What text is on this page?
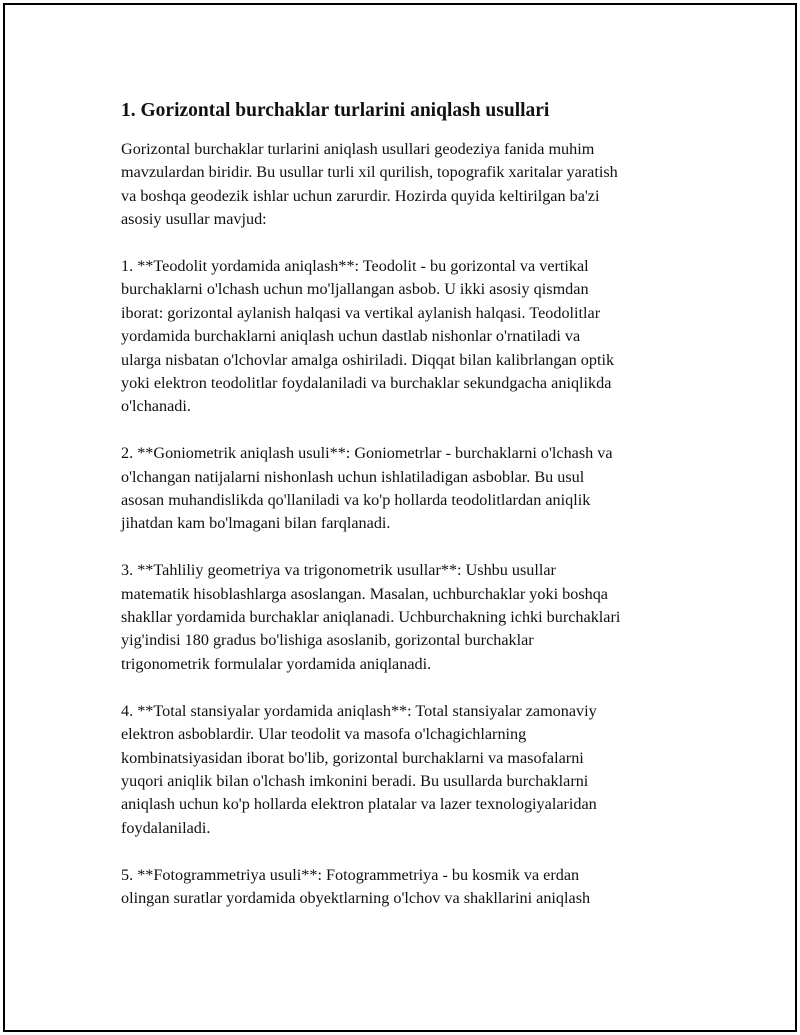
1. Gorizontal burchaklar turlarini aniqlash usullari
Gorizontal burchaklar turlarini aniqlash usullari geodeziya fanida muhim
mavzulardan biridir. Bu usullar turli xil qurilish, topografik xaritalar yaratish
va boshqa geodezik ishlar uchun zarurdir. Hozirda quyida keltirilgan ba'zi
asosiy usullar mavjud:
1. **Teodolit yordamida aniqlash**: Teodolit - bu gorizontal va vertikal
burchaklarni o'lchash uchun mo'ljallangan asbob. U ikki asosiy qismdan
iborat: gorizontal aylanish halqasi va vertikal aylanish halqasi. Teodolitlar
yordamida burchaklarni aniqlash uchun dastlab nishonlar o'rnatiladi va
ularga nisbatan o'lchovlar amalga oshiriladi. Diqqat bilan kalibrlangan optik
yoki elektron teodolitlar foydalaniladi va burchaklar sekundgacha aniqlikda
o'lchanadi.
2. **Goniometrik aniqlash usuli**: Goniometrlar - burchaklarni o'lchash va
o'lchangan natijalarni nishonlash uchun ishlatiladigan asboblar. Bu usul
asosan muhandislikda qo'llaniladi va ko'p hollarda teodolitlardan aniqlik
jihatdan kam bo'lmagani bilan farqlanadi.
3. **Tahliliy geometriya va trigonometrik usullar**: Ushbu usullar
matematik hisoblashlarga asoslangan. Masalan, uchburchaklar yoki boshqa
shakllar yordamida burchaklar aniqlanadi. Uchburchakning ichki burchaklari
yig'indisi 180 gradus bo'lishiga asoslanib, gorizontal burchaklar
trigonometrik formulalar yordamida aniqlanadi.
4. **Total stansiyalar yordamida aniqlash**: Total stansiyalar zamonaviy
elektron asboblardir. Ular teodolit va masofa o'lchagichlarning
kombinatsiyasidan iborat bo'lib, gorizontal burchaklarni va masofalarni
yuqori aniqlik bilan o'lchash imkonini beradi. Bu usullarda burchaklarni
aniqlash uchun ko'p hollarda elektron platalar va lazer texnologiyalaridan
foydalaniladi.
5. **Fotogrammetriya usuli**: Fotogrammetriya - bu kosmik va erdan
olingan suratlar yordamida obyektlarning o'lchov va shakllarini aniqlash
